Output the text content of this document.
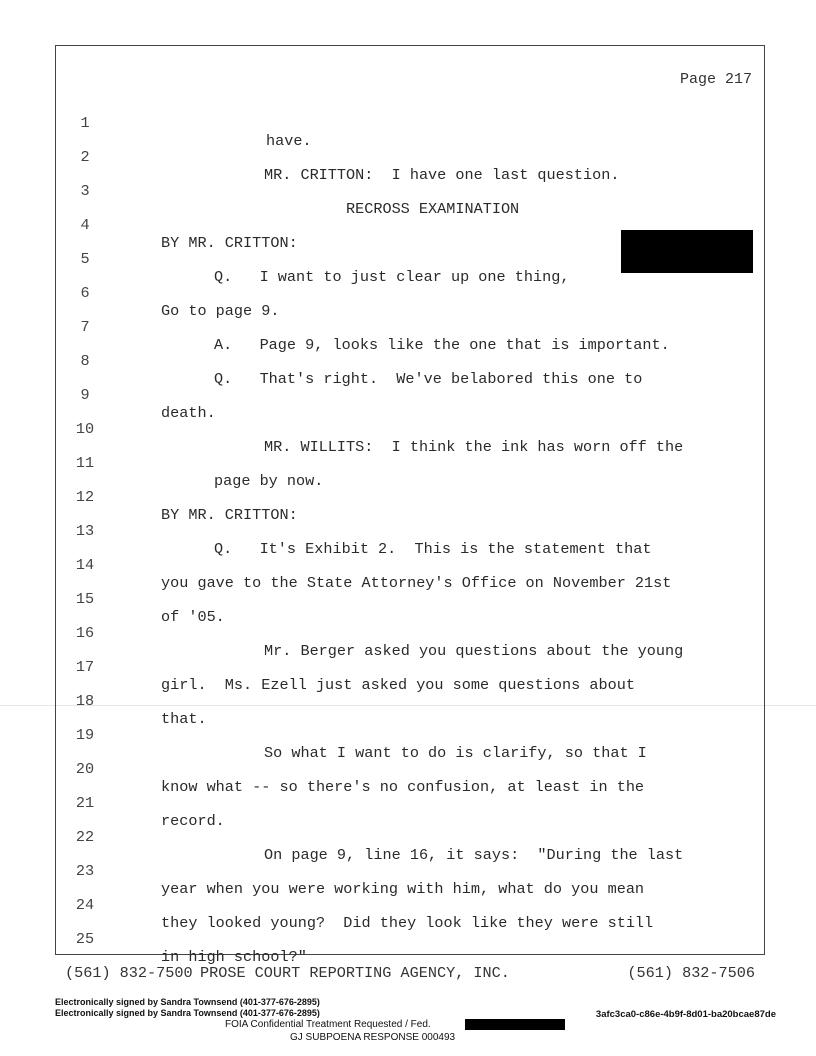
Page 217

1

have.

2

MR. CRITTON:  I have one last question.

3

RECROSS EXAMINATION

4

BY MR. CRITTON:

5

Q.   I want to just clear up one thing,

6

Go to page 9.

7

A.   Page 9, looks like the one that is important.

8

Q.   That's right.  We've belabored this one to

9

death.

10

MR. WILLITS:  I think the ink has worn off the

11

page by now.

12

BY MR. CRITTON:

13

Q.   It's Exhibit 2.  This is the statement that

14

you gave to the State Attorney's Office on November 21st

15

of '05.

16

Mr. Berger asked you questions about the young

17

girl.  Ms. Ezell just asked you some questions about

18

that.

19

So what I want to do is clarify, so that I

20

know what -- so there's no confusion, at least in the

21

record.

22

On page 9, line 16, it says:  "During the last

23

year when you were working with him, what do you mean

24

they looked young?  Did they look like they were still

25

in high school?"

(561) 832-7500 PROSE COURT REPORTING AGENCY, INC.	(561) 832-7506
Electronically signed by Sandra Townsend (401-377-676-2895)
Electronically signed by Sandra Townsend (401-377-676-2895)	3afc3ca0-c86e-4b9f-8d01-ba20bcae87de
FOIA Confidential Treatment Requested / Fed.
GJ SUBPOENA RESPONSE 000493
